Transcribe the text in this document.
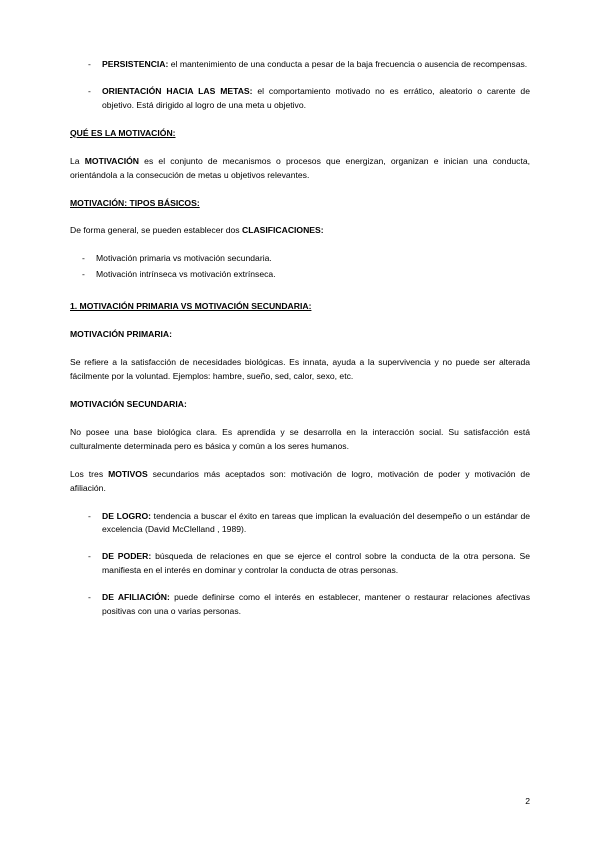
-	PERSISTENCIA: el mantenimiento de una conducta a pesar de la baja frecuencia o ausencia de recompensas.
-	ORIENTACIÓN HACIA LAS METAS: el comportamiento motivado no es errático, aleatorio o carente de objetivo. Está dirigido al logro de una meta u objetivo.

QUÉ ES LA MOTIVACIÓN:

La MOTIVACIÓN es el conjunto de mecanismos o procesos que energizan, organizan e inician una conducta, orientándola a la consecución de metas u objetivos relevantes.

MOTIVACIÓN: TIPOS BÁSICOS:

De forma general, se pueden establecer dos CLASIFICACIONES:

-	Motivación primaria vs motivación secundaria.
-	Motivación intrínseca vs motivación extrínseca.

1. MOTIVACIÓN PRIMARIA VS MOTIVACIÓN SECUNDARIA:

MOTIVACIÓN PRIMARIA:

Se refiere a la satisfacción de necesidades biológicas. Es innata, ayuda a la supervivencia y no puede ser alterada fácilmente por la voluntad. Ejemplos: hambre, sueño, sed, calor, sexo, etc.

MOTIVACIÓN SECUNDARIA:

No posee una base biológica clara. Es aprendida y se desarrolla en la interacción social. Su satisfacción está culturalmente determinada pero es básica y común a los seres humanos.

Los tres MOTIVOS secundarios más aceptados son: motivación de logro, motivación de poder y motivación de afiliación.

-	DE LOGRO: tendencia a buscar el éxito en tareas que implican la evaluación del desempeño o un estándar de excelencia (David McClelland , 1989).
-	DE PODER: búsqueda de relaciones en que se ejerce el control sobre la conducta de la otra persona. Se manifiesta en el interés en dominar y controlar la conducta de otras personas.
-	DE AFILIACIÓN: puede definirse como el interés en establecer, mantener o restaurar relaciones afectivas positivas con una o varias personas.
2
